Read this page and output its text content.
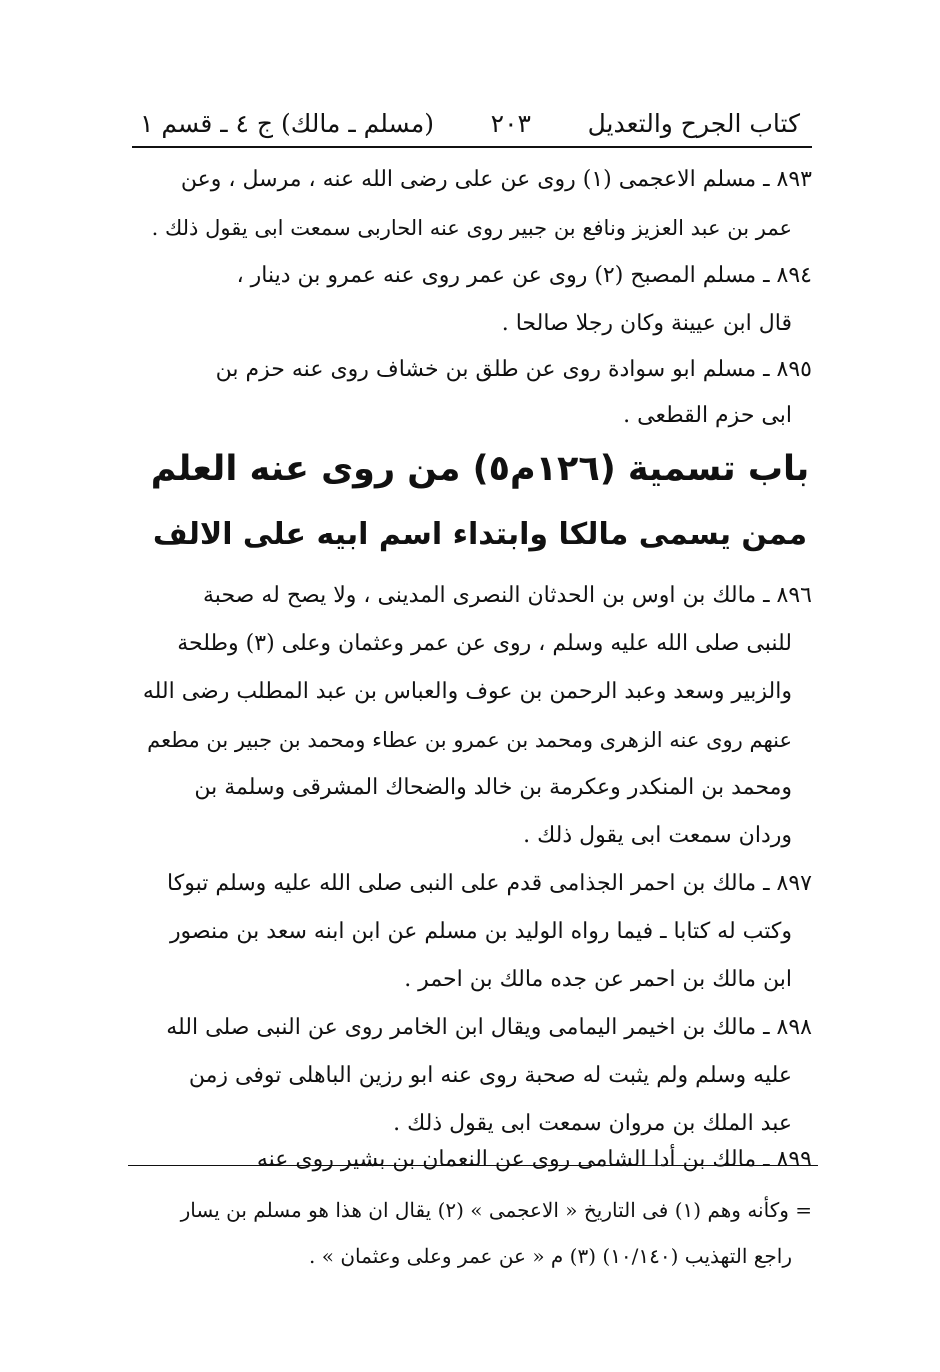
كتاب الجرح والتعديل
٢٠٣
(مسلم ـ مالك) ج ٤ ـ قسم ١
٨٩٣ ـ مسلم الاعجمى (١) روى عن على رضى الله عنه ، مرسل ، وعن
عمر بن عبد العزيز ونافع بن جبير روى عنه الحاربى سمعت ابى يقول ذلك .
٨٩٤ ـ مسلم المصبح (٢) روى عن عمر روى عنه عمرو بن دينار ،
قال ابن عيينة وكان رجلا صالحا .
٨٩٥ ـ مسلم ابو سوادة روى عن طلق بن خشاف روى عنه حزم بن
ابى حزم القطعى .
باب تسمية (١٢٦م٥) من روى عنه العلم
ممن يسمى مالكا وابتداء اسم ابيه على الالف
٨٩٦ ـ مالك بن اوس بن الحدثان النصرى المدينى ، ولا يصح له صحبة
للنبى صلى الله عليه وسلم ، روى عن عمر وعثمان وعلى (٣) وطلحة
والزبير وسعد وعبد الرحمن بن عوف والعباس بن عبد المطلب رضى الله
عنهم روى عنه الزهرى ومحمد بن عمرو بن عطاء ومحمد بن جبير بن مطعم
ومحمد بن المنكدر وعكرمة بن خالد والضحاك المشرقى وسلمة بن
وردان سمعت ابى يقول ذلك .
٨٩٧ ـ مالك بن احمر الجذامى قدم على النبى صلى الله عليه وسلم تبوكا
وكتب له كتابا ـ فيما رواه الوليد بن مسلم عن ابن ابنه سعد بن منصور
ابن مالك بن احمر عن جده مالك بن احمر .
٨٩٨ ـ مالك بن اخيمر اليمامى ويقال ابن الخامر روى عن النبى صلى الله
عليه وسلم ولم يثبت له صحبة روى عنه ابو رزين الباهلى توفى زمن
عبد الملك بن مروان سمعت ابى يقول ذلك .
٨٩٩ ـ مالك بن أدا الشامى روى عن النعمان بن بشير روى عنه
= وكأنه وهم (١) فى التاريخ « الاعجمى » (٢) يقال ان هذا هو مسلم بن يسار
راجع التهذيب (١٠/١٤٠) (٣) م « عن عمر وعلى وعثمان » .
